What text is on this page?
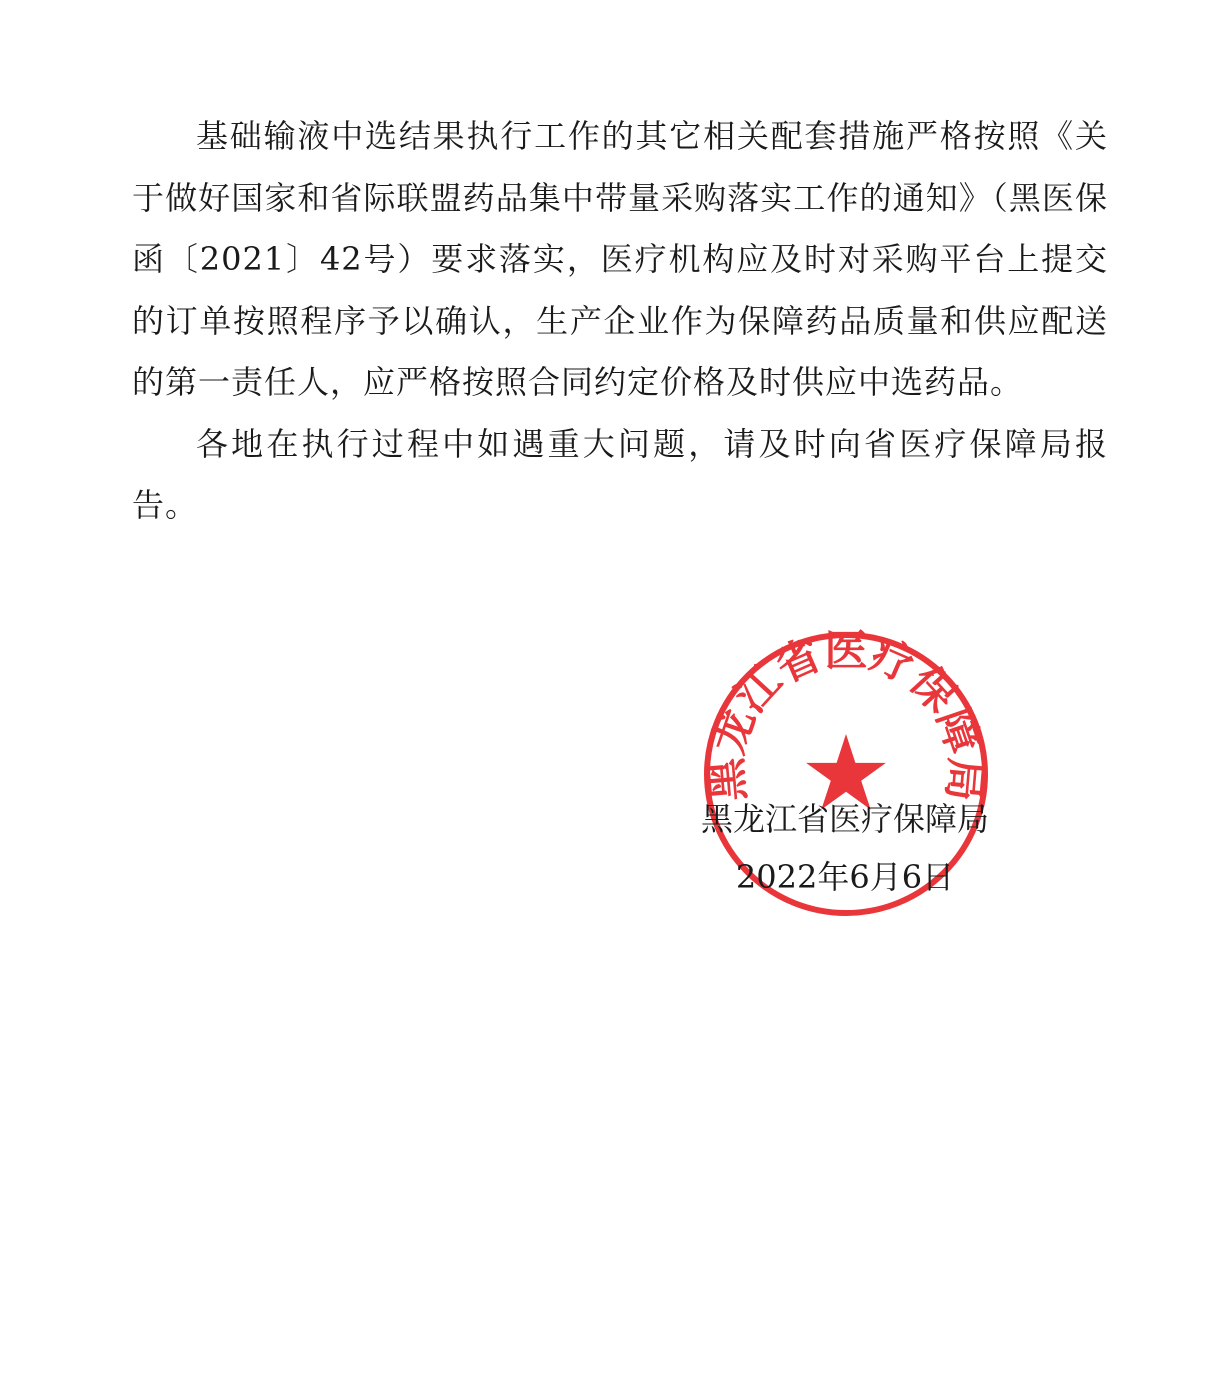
基础输液中选结果执行工作的其它相关配套措施严格按照《关于做好国家和省际联盟药品集中带量采购落实工作的通知》（黑医保函〔2021〕42号）要求落实，医疗机构应及时对采购平台上提交的订单按照程序予以确认，生产企业作为保障药品质量和供应配送的第一责任人，应严格按照合同约定价格及时供应中选药品。

各地在执行过程中如遇重大问题，请及时向省医疗保障局报告。

黑龙江省医疗保障局
黑龙江省医疗保障局
2022年6月6日
